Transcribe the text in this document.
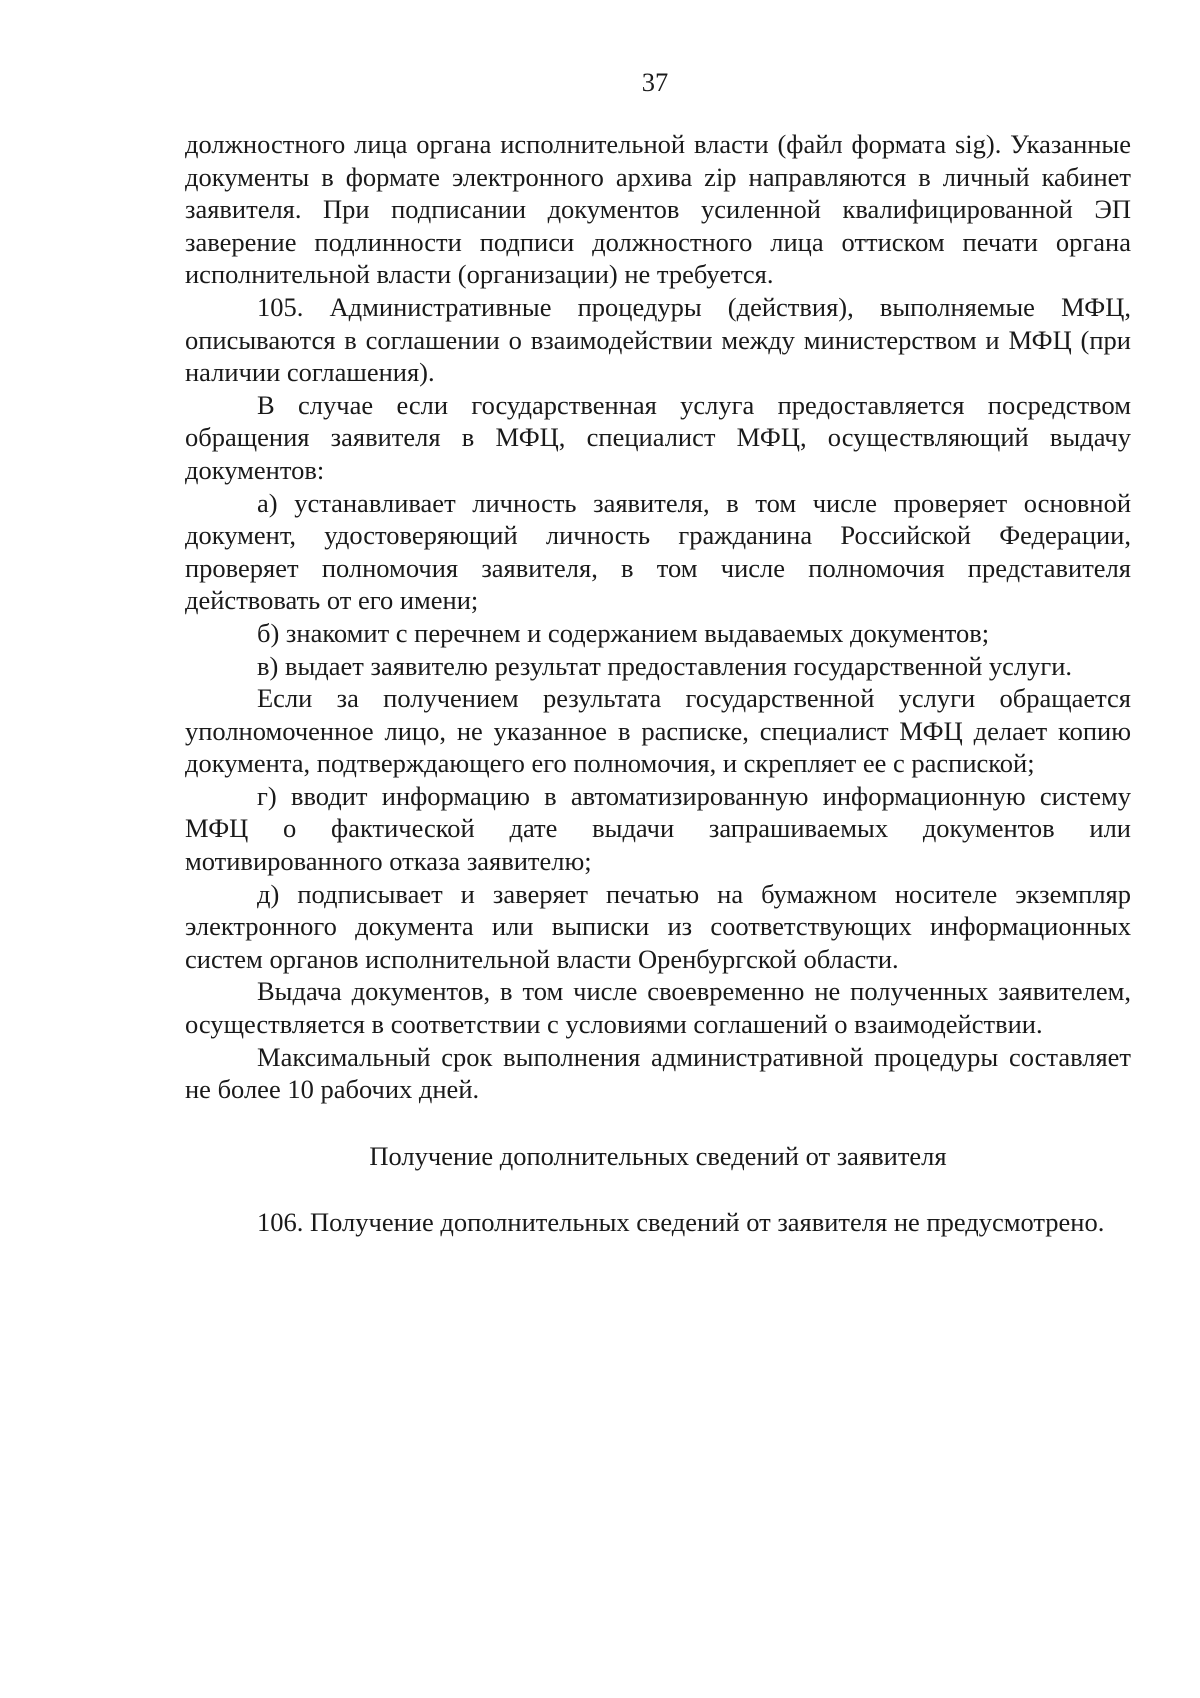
37

должностного лица органа исполнительной власти (файл формата sig). Указанные документы в формате электронного архива zip направляются в личный кабинет заявителя. При подписании документов усиленной квалифицированной ЭП заверение подлинности подписи должностного лица оттиском печати органа исполнительной власти (организации) не требуется.

105. Административные процедуры (действия), выполняемые МФЦ, описываются в соглашении о взаимодействии между министерством и МФЦ (при наличии соглашения).

В случае если государственная услуга предоставляется посредством обращения заявителя в МФЦ, специалист МФЦ, осуществляющий выдачу документов:

а) устанавливает личность заявителя, в том числе проверяет основной документ, удостоверяющий личность гражданина Российской Федерации, проверяет полномочия заявителя, в том числе полномочия представителя действовать от его имени;

б) знакомит с перечнем и содержанием выдаваемых документов;

в) выдает заявителю результат предоставления государственной услуги.

Если за получением результата государственной услуги обращается уполномоченное лицо, не указанное в расписке, специалист МФЦ делает копию документа, подтверждающего его полномочия, и скрепляет ее с распиской;

г) вводит информацию в автоматизированную информационную систему МФЦ о фактической дате выдачи запрашиваемых документов или мотивированного отказа заявителю;

д) подписывает и заверяет печатью на бумажном носителе экземпляр электронного документа или выписки из соответствующих информационных систем органов исполнительной власти Оренбургской области.

Выдача документов, в том числе своевременно не полученных заявителем, осуществляется в соответствии с условиями соглашений о взаимодействии.

Максимальный срок выполнения административной процедуры составляет не более 10 рабочих дней.

Получение дополнительных сведений от заявителя

106. Получение дополнительных сведений от заявителя не предусмотрено.
